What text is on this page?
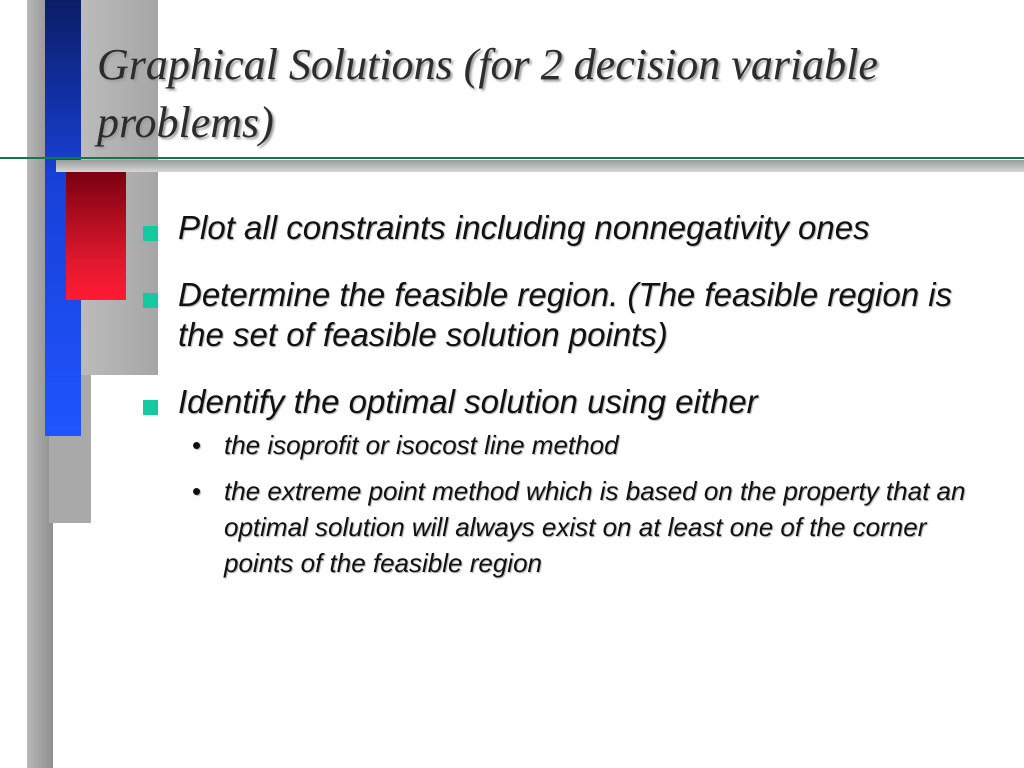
Graphical Solutions (for 2 decision variable problems)
Plot all constraints including nonnegativity ones
Determine the feasible region. (The feasible region is the set of feasible solution points)
Identify the optimal solution using either
• the isoprofit or isocost line method
• the extreme point method which is based on the property that an optimal solution will always exist on at least one of the corner points of the feasible region
